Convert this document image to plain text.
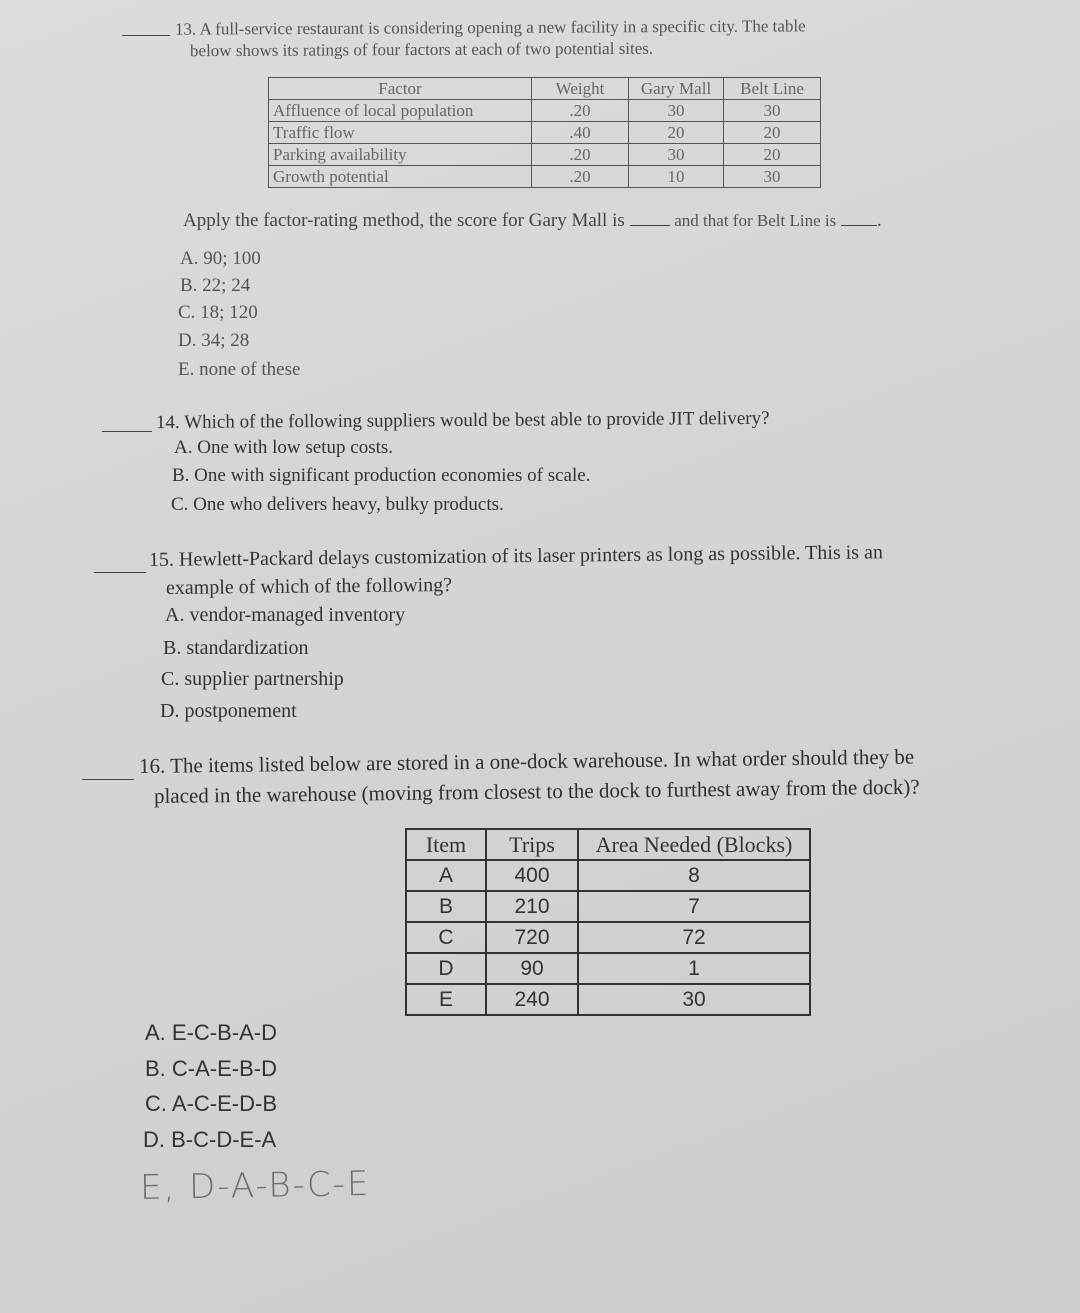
13. A full-service restaurant is considering opening a new facility in a specific city. The table
below shows its ratings of four factors at each of two potential sites.
Factor	Weight	Gary Mall	Belt Line
Affluence of local population	.20	30	30
Traffic flow	.40	20	20
Parking availability	.20	30	20
Growth potential	.20	10	30
Apply the factor-rating method, the score for Gary Mall is	and that for Belt Line is .
A. 90; 100
B. 22; 24
C. 18; 120
D. 34; 28
E. none of these
14. Which of the following suppliers would be best able to provide JIT delivery?
A. One with low setup costs.
B. One with significant production economies of scale.
C. One who delivers heavy, bulky products.
15. Hewlett-Packard delays customization of its laser printers as long as possible. This is an
example of which of the following?
A. vendor-managed inventory
B. standardization
C. supplier partnership
D. postponement
16. The items listed below are stored in a one-dock warehouse. In what order should they be
placed in the warehouse (moving from closest to the dock to furthest away from the dock)?
Item	Trips	Area Needed (Blocks)
A	400	8
B	210	7
C	720	72
D	90	1
E	240	30
A. E-C-B-A-D
B. C-A-E-B-D
C. A-C-E-D-B
D. B-C-D-E-A
E, D-A-B-C-E
